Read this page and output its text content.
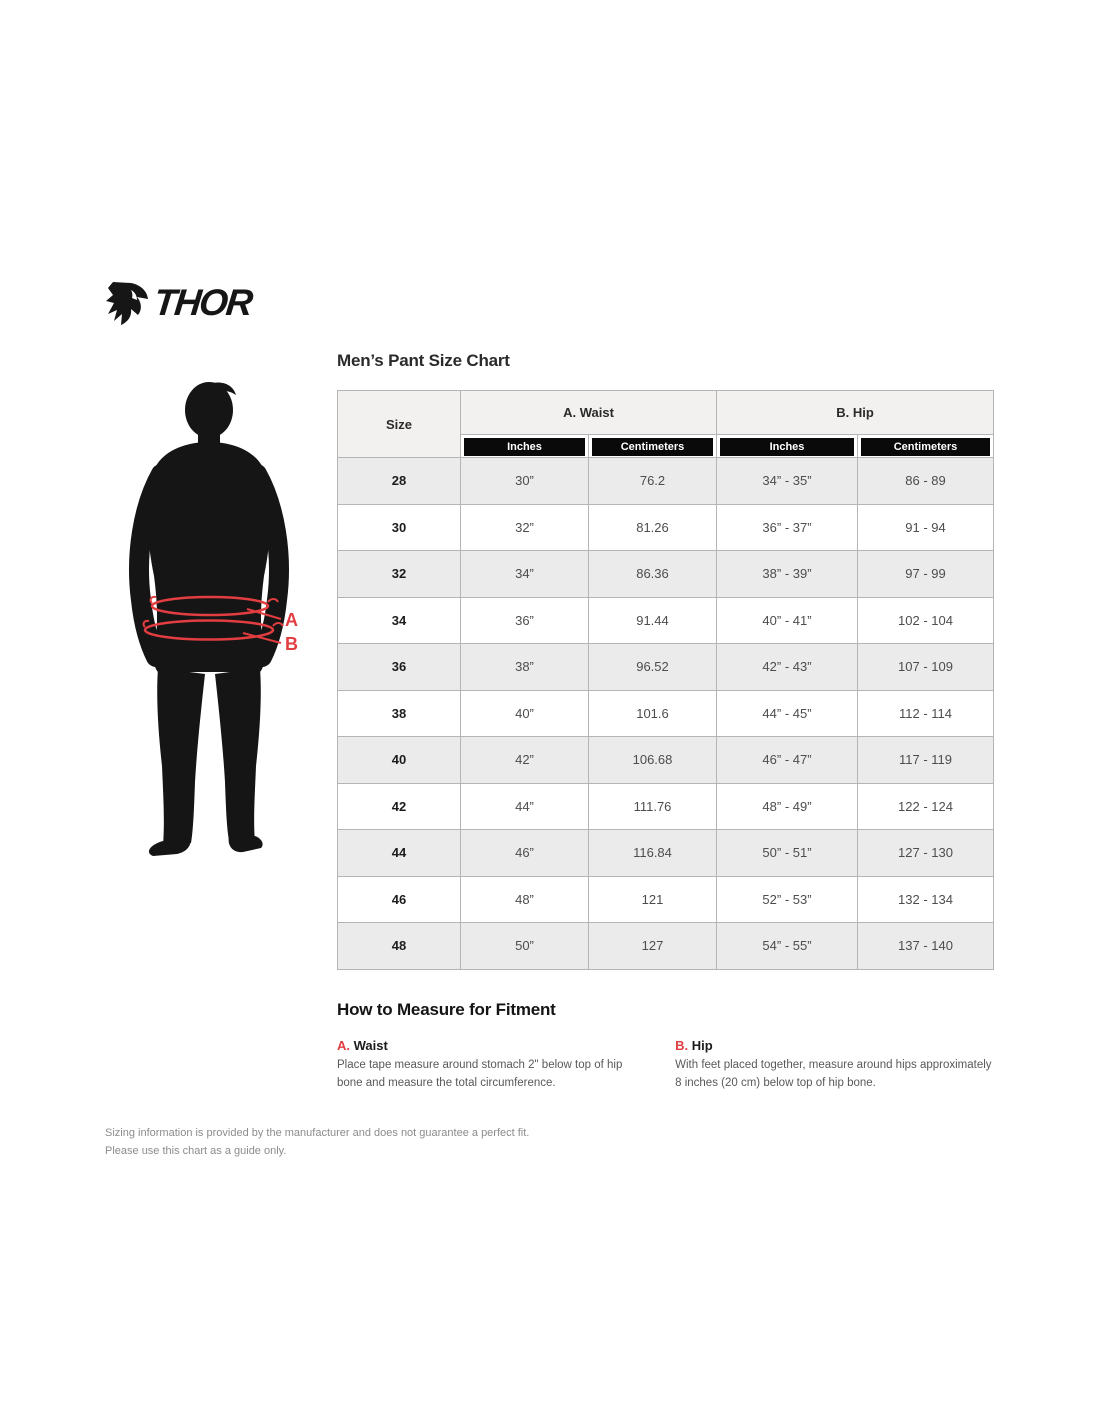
THOR
Men’s Pant Size Chart
A
B
Size	A. Waist		B. Hip	

	Inches	Centimeters	Inches	Centimeters

28	30”	76.2	34” - 35”	86 - 89
30	32”	81.26	36” - 37”	91 - 94
32	34”	86.36	38” - 39”	97 - 99
34	36”	91.44	40” - 41”	102 - 104
36	38”	96.52	42” - 43”	107 - 109
38	40”	101.6	44” - 45”	112 - 114
40	42”	106.68	46” - 47”	117 - 119
42	44”	111.76	48” - 49”	122 - 124
44	46”	116.84	50” - 51”	127 - 130
46	48”	121	52” - 53”	132 - 134
48	50”	127	54” - 55”	137 - 140
How to Measure for Fitment
A. Waist

Place tape measure around stomach 2" below top of hip bone and measure the total circumference.

B. Hip

With feet placed together, measure around hips approximately 8 inches (20 cm) below top of hip bone.

Sizing information is provided by the manufacturer and does not guarantee a perfect fit.
Please use this chart as a guide only.
